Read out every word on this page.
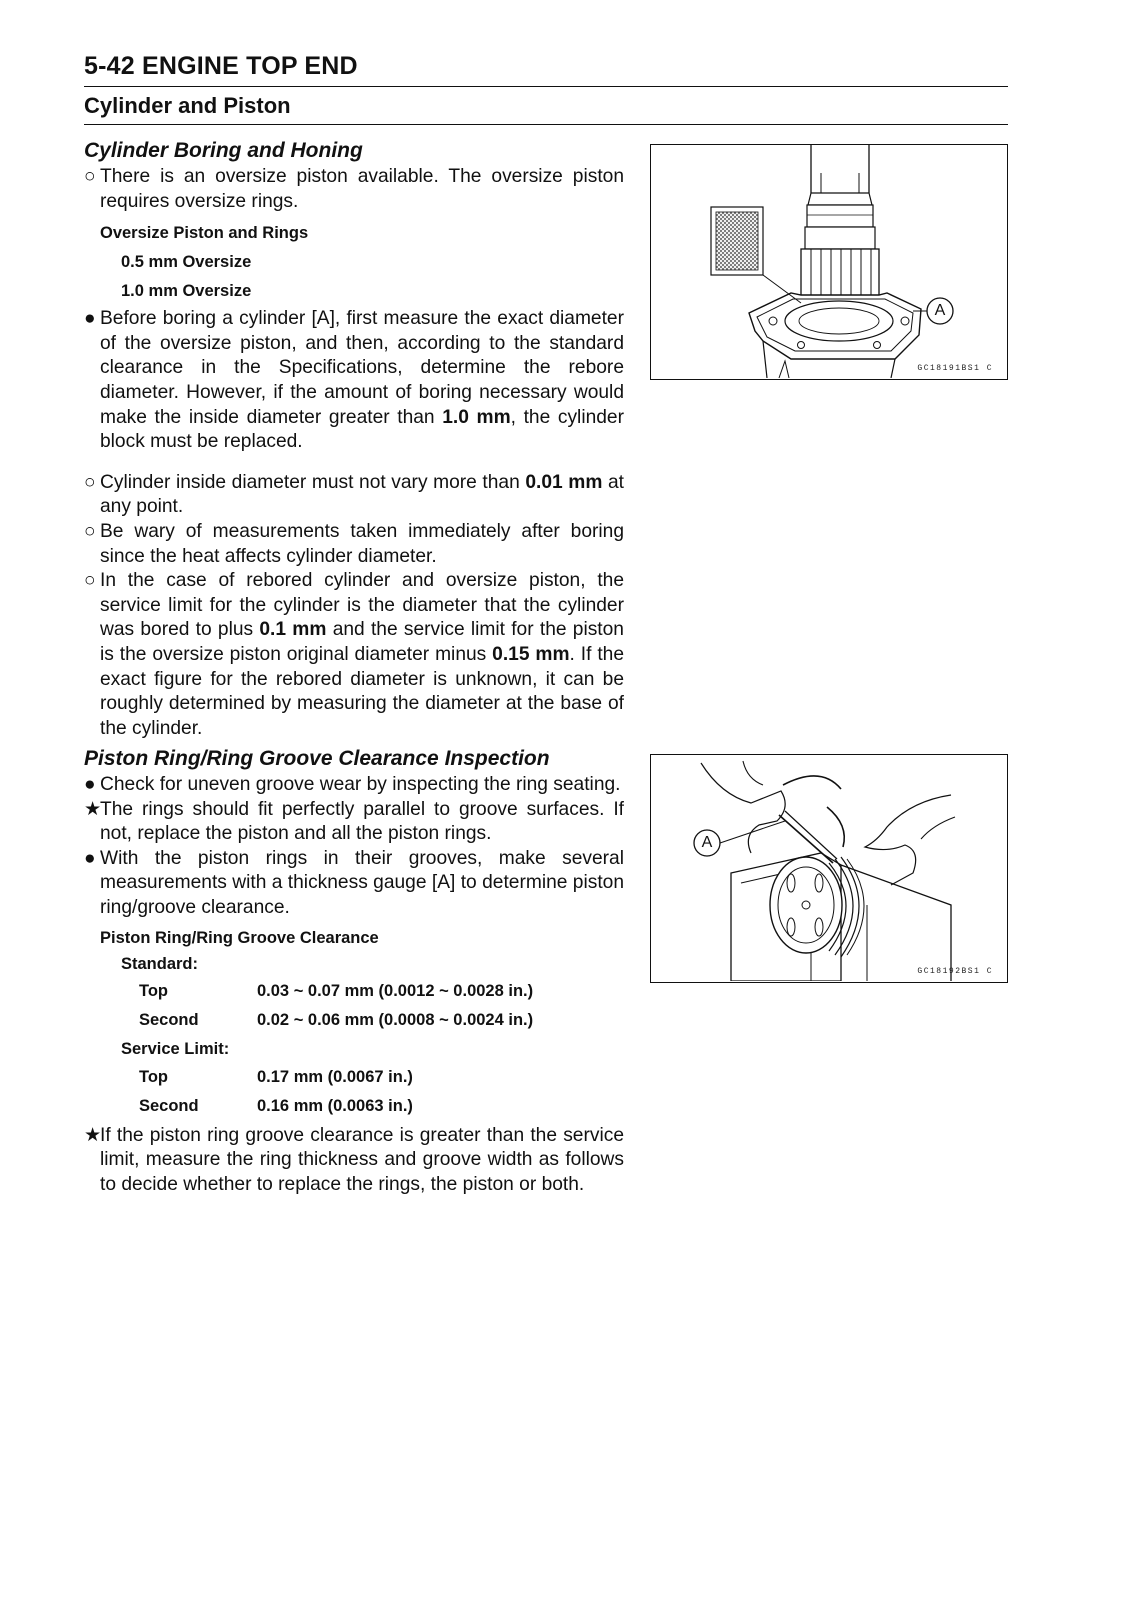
5-42 ENGINE TOP END
Cylinder and Piston
Cylinder Boring and Honing

○ There is an oversize piston available. The oversize piston requires oversize rings.

Oversize Piston and Rings
0.5 mm Oversize
1.0 mm Oversize

● Before boring a cylinder [A], first measure the exact diameter of the oversize piston, and then, according to the standard clearance in the Specifications, determine the rebore diameter. However, if the amount of boring necessary would make the inside diameter greater than 1.0 mm, the cylinder block must be replaced.

○ Cylinder inside diameter must not vary more than 0.01 mm at any point.

○ Be wary of measurements taken immediately after boring since the heat affects cylinder diameter.

○ In the case of rebored cylinder and oversize piston, the service limit for the cylinder is the diameter that the cylinder was bored to plus 0.1 mm and the service limit for the piston is the oversize piston original diameter minus 0.15 mm. If the exact figure for the rebored diameter is unknown, it can be roughly determined by measuring the diameter at the base of the cylinder.

Piston Ring/Ring Groove Clearance Inspection

● Check for uneven groove wear by inspecting the ring seating.

★
The rings should fit perfectly parallel to groove surfaces. If not, replace the piston and all the piston rings.

● With the piston rings in their grooves, make several measurements with a thickness gauge [A] to determine piston ring/groove clearance.

Piston Ring/Ring Groove Clearance
Standard:
Top	0.03 ~ 0.07 mm (0.0012 ~ 0.0028 in.)
Second	0.02 ~ 0.06 mm (0.0008 ~ 0.0024 in.)
Service Limit:
Top	0.17 mm (0.0067 in.)
Second	0.16 mm (0.0063 in.)

★
If the piston ring groove clearance is greater than the service limit, measure the ring thickness and groove width as follows to decide whether to replace the rings, the piston or both.

A
GC18191BS1 C
A
GC18192BS1 C
